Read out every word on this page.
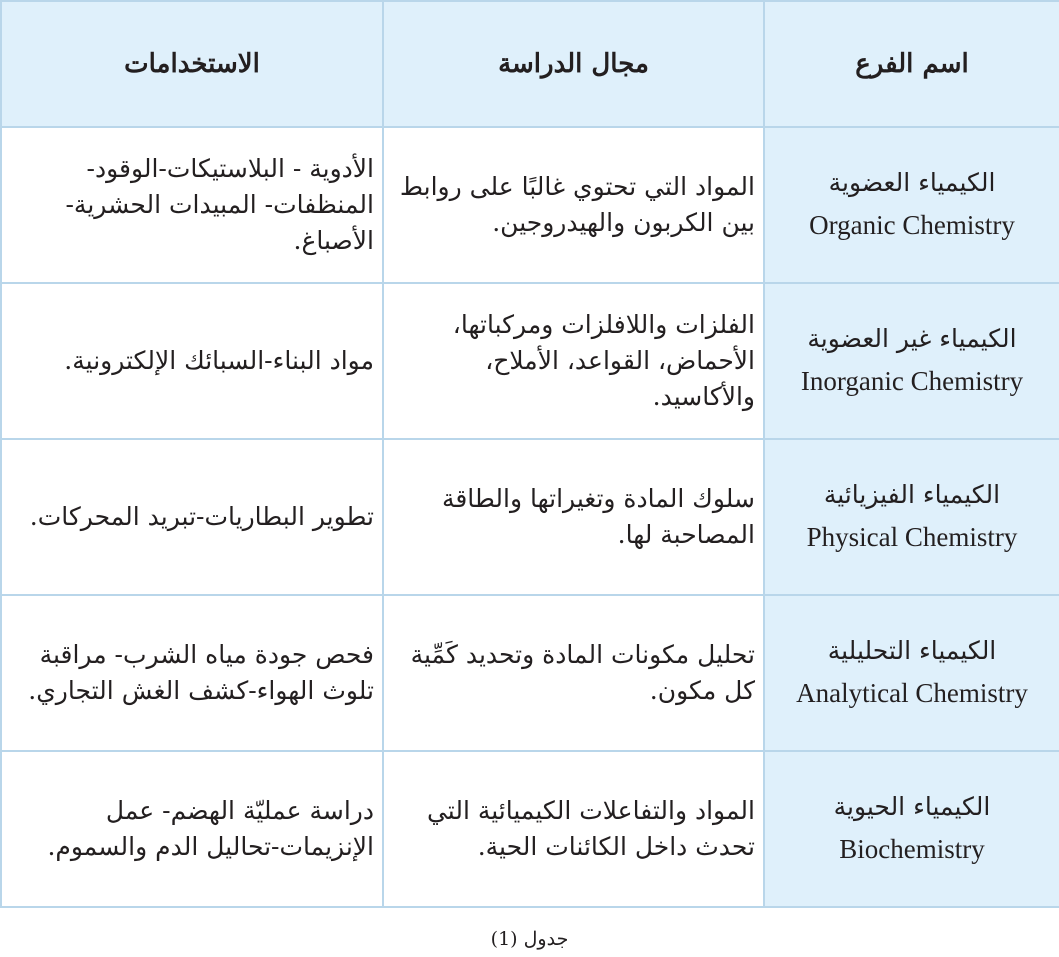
اسم الفرع	مجال الدراسة	الاستخدامات

الكيمياء العضوية
Organic Chemistry	المواد التي تحتوي غالبًا على روابط بين الكربون والهيدروجين.	الأدوية - البلاستيكات-الوقود- المنظفات- المبيدات الحشرية- الأصباغ.

الكيمياء غير العضوية
Inorganic Chemistry	الفلزات واللافلزات ومركباتها، الأحماض، القواعد، الأملاح، والأكاسيد.	مواد البناء-السبائك الإلكترونية.

الكيمياء الفيزيائية
Physical Chemistry	سلوك المادة وتغيراتها والطاقة المصاحبة لها.	تطوير البطاريات-تبريد المحركات.

الكيمياء التحليلية
Analytical Chemistry	تحليل مكونات المادة وتحديد كَمِّية كل مكون.	فحص جودة مياه الشرب- مراقبة تلوث الهواء-كشف الغش التجاري.

الكيمياء الحيوية
Biochemistry	المواد والتفاعلات الكيميائية التي تحدث داخل الكائنات الحية.	دراسة عمليّة الهضم- عمل الإنزيمات-تحاليل الدم والسموم.
جدول (1)
